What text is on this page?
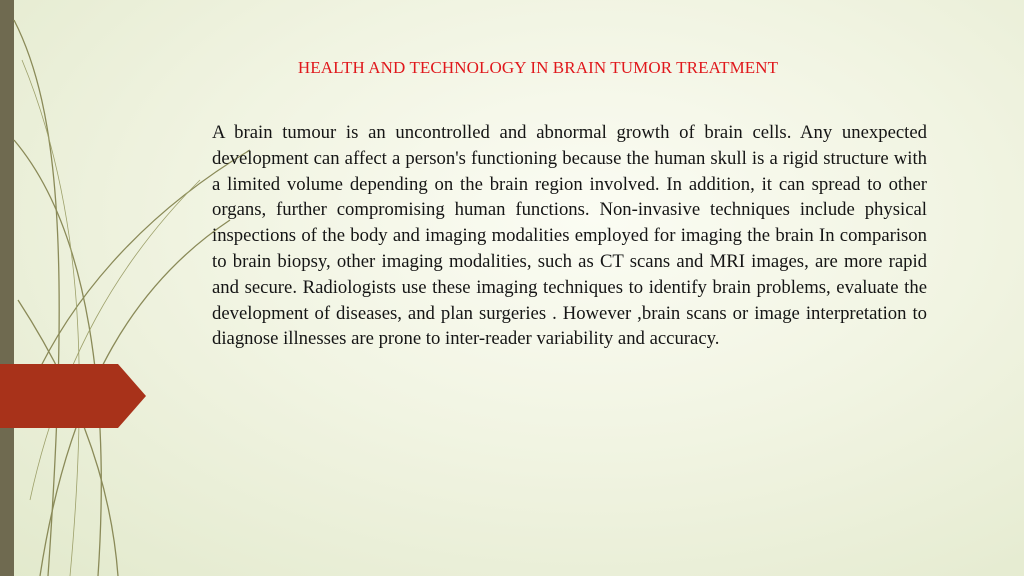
HEALTH AND TECHNOLOGY IN BRAIN TUMOR TREATMENT

A brain tumour is an uncontrolled and abnormal growth of brain cells. Any unexpected development can affect a person's functioning because the human skull is a rigid structure with a limited volume depending on the brain region involved. In addition, it can spread to other organs, further compromising human functions. Non-invasive techniques include physical inspections of the body and imaging modalities employed for imaging the brain In comparison to brain biopsy, other imaging modalities, such as CT scans and MRI images, are more rapid and secure. Radiologists use these imaging techniques to identify brain problems, evaluate the development of diseases, and plan surgeries . However ,brain scans or image interpretation to diagnose illnesses are prone to inter-reader variability and accuracy.
